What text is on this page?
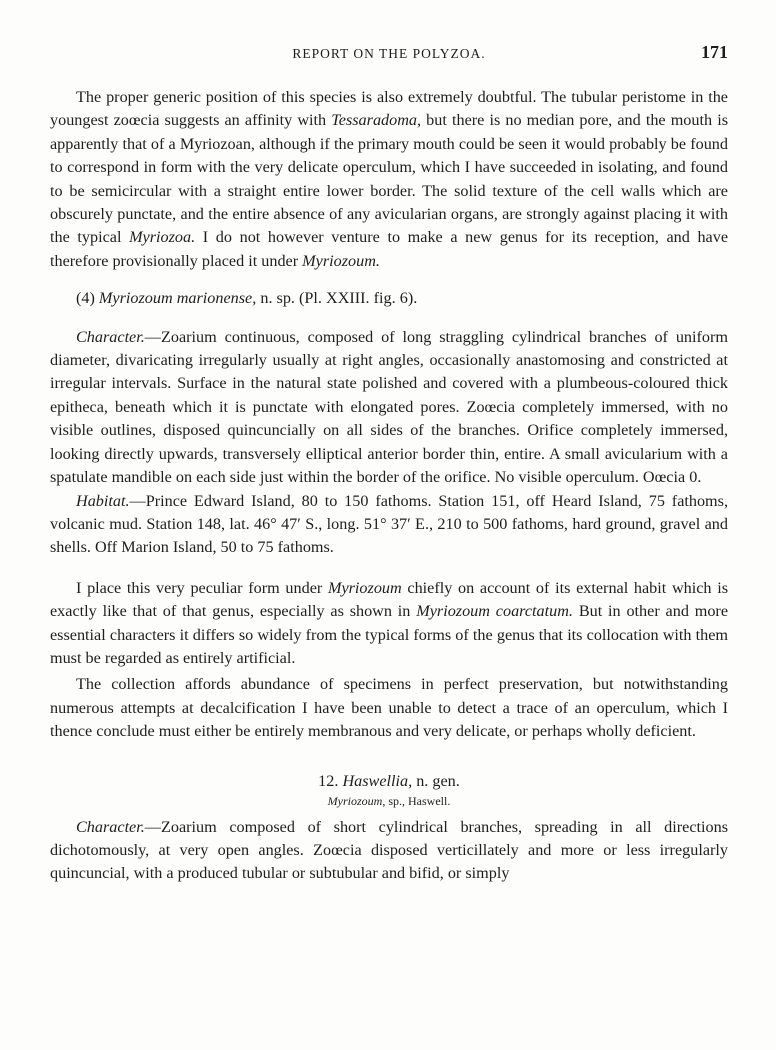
REPORT ON THE POLYZOA.	171

The proper generic position of this species is also extremely doubtful. The tubular peristome in the youngest zoœcia suggests an affinity with Tessaradoma, but there is no median pore, and the mouth is apparently that of a Myriozoan, although if the primary mouth could be seen it would probably be found to correspond in form with the very delicate operculum, which I have succeeded in isolating, and found to be semicircular with a straight entire lower border. The solid texture of the cell walls which are obscurely punctate, and the entire absence of any avicularian organs, are strongly against placing it with the typical Myriozoa. I do not however venture to make a new genus for its reception, and have therefore provisionally placed it under Myriozoum.

(4) Myriozoum marionense, n. sp. (Pl. XXIII. fig. 6).

Character.—Zoarium continuous, composed of long straggling cylindrical branches of uniform diameter, divaricating irregularly usually at right angles, occasionally anastomosing and constricted at irregular intervals. Surface in the natural state polished and covered with a plumbeous-coloured thick epitheca, beneath which it is punctate with elongated pores. Zoœcia completely immersed, with no visible outlines, disposed quincuncially on all sides of the branches. Orifice completely immersed, looking directly upwards, transversely elliptical anterior border thin, entire. A small avicularium with a spatulate mandible on each side just within the border of the orifice. No visible operculum. Oœcia 0.

Habitat.—Prince Edward Island, 80 to 150 fathoms. Station 151, off Heard Island, 75 fathoms, volcanic mud. Station 148, lat. 46° 47′ S., long. 51° 37′ E., 210 to 500 fathoms, hard ground, gravel and shells. Off Marion Island, 50 to 75 fathoms.

I place this very peculiar form under Myriozoum chiefly on account of its external habit which is exactly like that of that genus, especially as shown in Myriozoum coarctatum. But in other and more essential characters it differs so widely from the typical forms of the genus that its collocation with them must be regarded as entirely artificial.

The collection affords abundance of specimens in perfect preservation, but notwithstanding numerous attempts at decalcification I have been unable to detect a trace of an operculum, which I thence conclude must either be entirely membranous and very delicate, or perhaps wholly deficient.

12. Haswellia, n. gen.
Myriozoum, sp., Haswell.

Character.—Zoarium composed of short cylindrical branches, spreading in all directions dichotomously, at very open angles. Zoœcia disposed verticillately and more or less irregularly quincuncial, with a produced tubular or subtubular and bifid, or simply
